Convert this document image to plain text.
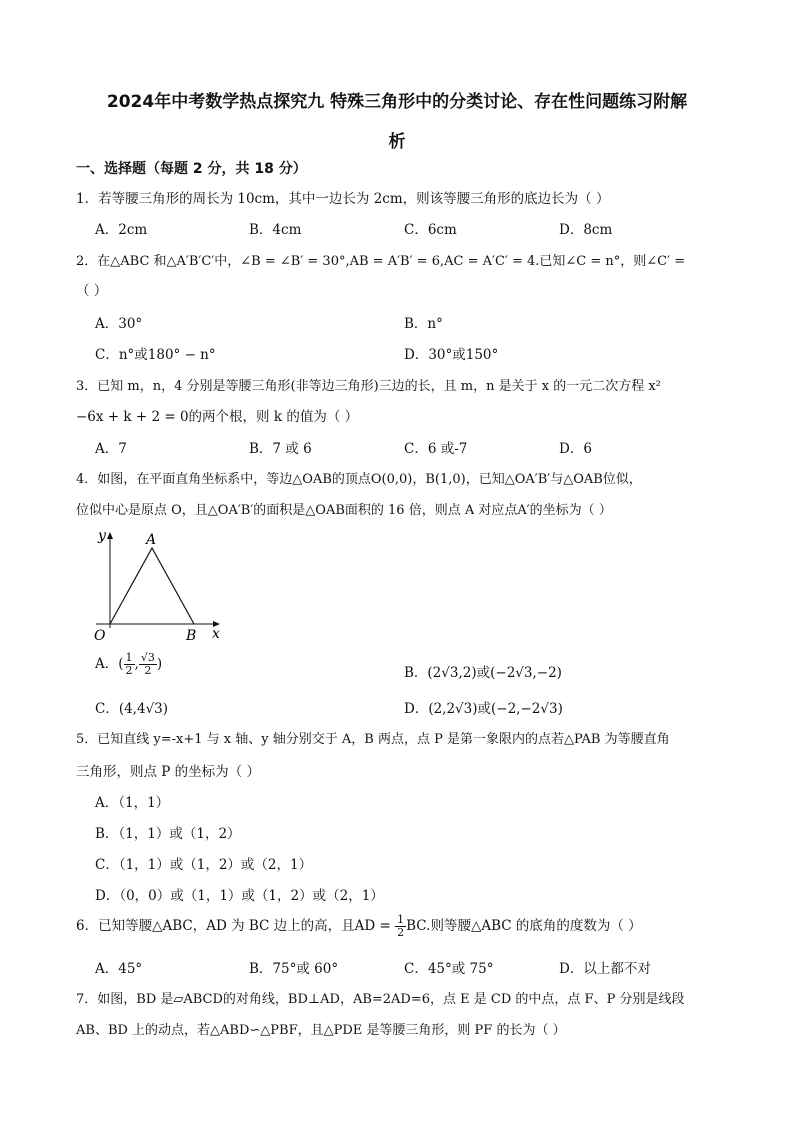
2024年中考数学热点探究九 特殊三角形中的分类讨论、存在性问题练习附解
析
一、选择题（每题 2 分，共 18 分）
1．若等腰三角形的周长为 10cm，其中一边长为 2cm，则该等腰三角形的底边长为（ ）
A．2cm	B．4cm	C．6cm	D．8cm
2．在△ABC 和△A′B′C′中，∠B = ∠B′ = 30°,AB = A′B′ = 6,AC = A′C′ = 4.已知∠C = n°，则∠C′ =
（ ）
A．30°	B．n°
C．n°或180° − n°	D．30°或150°
3．已知 m，n，4 分别是等腰三角形(非等边三角形)三边的长，且 m，n 是关于 x 的一元二次方程 x²
−6x + k + 2 = 0的两个根，则 k 的值为（ ）
A．7	B．7 或 6	C．6 或-7	D．6
4．如图，在平面直角坐标系中，等边△OAB的顶点O(0,0)，B(1,0)，已知△OA′B′与△OAB位似，
位似中心是原点 O，且△OA′B′的面积是△OAB面积的 16 倍，则点 A 对应点A′的坐标为（ ）
y	A
O	B x
A．( $\frac{1}{2}$ , $\frac{√3}{2}$ )
B．(2√3,2)或(−2√3,−2)
C．(4,4√3)	D．(2,2√3)或(−2,−2√3)
5．已知直线 y=-x+1 与 x 轴、y 轴分别交于 A，B 两点，点 P 是第一象限内的点若△PAB 为等腰直角
三角形，则点 P 的坐标为（ ）
A．（1，1）
B．（1，1）或（1，2）
C．（1，1）或（1，2）或（2，1）
D．（0，0）或（1，1）或（1，2）或（2，1）
6．已知等腰△ABC，AD 为 BC 边上的高，且AD = $\frac{1}{2}$ BC.则等腰△ABC 的底角的度数为（ ）
A．45°	B．75°或 60°	C．45°或 75°	D．以上都不对
7．如图，BD 是▱ABCD的对角线，BD⊥AD，AB=2AD=6，点 E 是 CD 的中点，点 F、P 分别是线段
AB、BD 上的动点，若△ABD∽△PBF，且△PDE 是等腰三角形，则 PF 的长为（ ）
